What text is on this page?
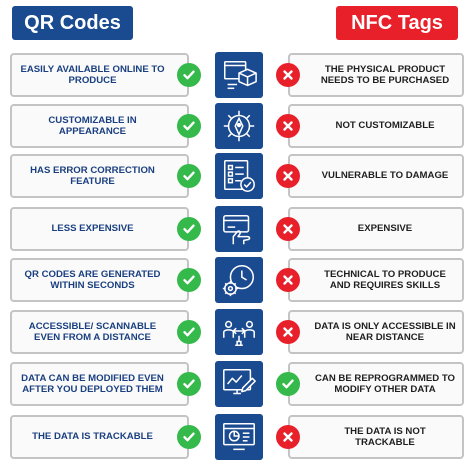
QR Codes	NFC Tags
EASILY AVAILABLE ONLINE TO PRODUCE
THE PHYSICAL PRODUCT NEEDS TO BE PURCHASED
CUSTOMIZABLE IN APPEARANCE
NOT CUSTOMIZABLE
HAS ERROR CORRECTION FEATURE
VULNERABLE TO DAMAGE
LESS EXPENSIVE	EXPENSIVE
QR CODES ARE GENERATED WITHIN SECONDS
TECHNICAL TO PRODUCE AND REQUIRES SKILLS
ACCESSIBLE/ SCANNABLE EVEN FROM A DISTANCE
DATA IS ONLY ACCESSIBLE IN NEAR DISTANCE
DATA CAN BE MODIFIED EVEN AFTER YOU DEPLOYED THEM
CAN BE REPROGRAMMED TO MODIFY OTHER DATA
THE DATA IS TRACKABLE
THE DATA IS NOT TRACKABLE
